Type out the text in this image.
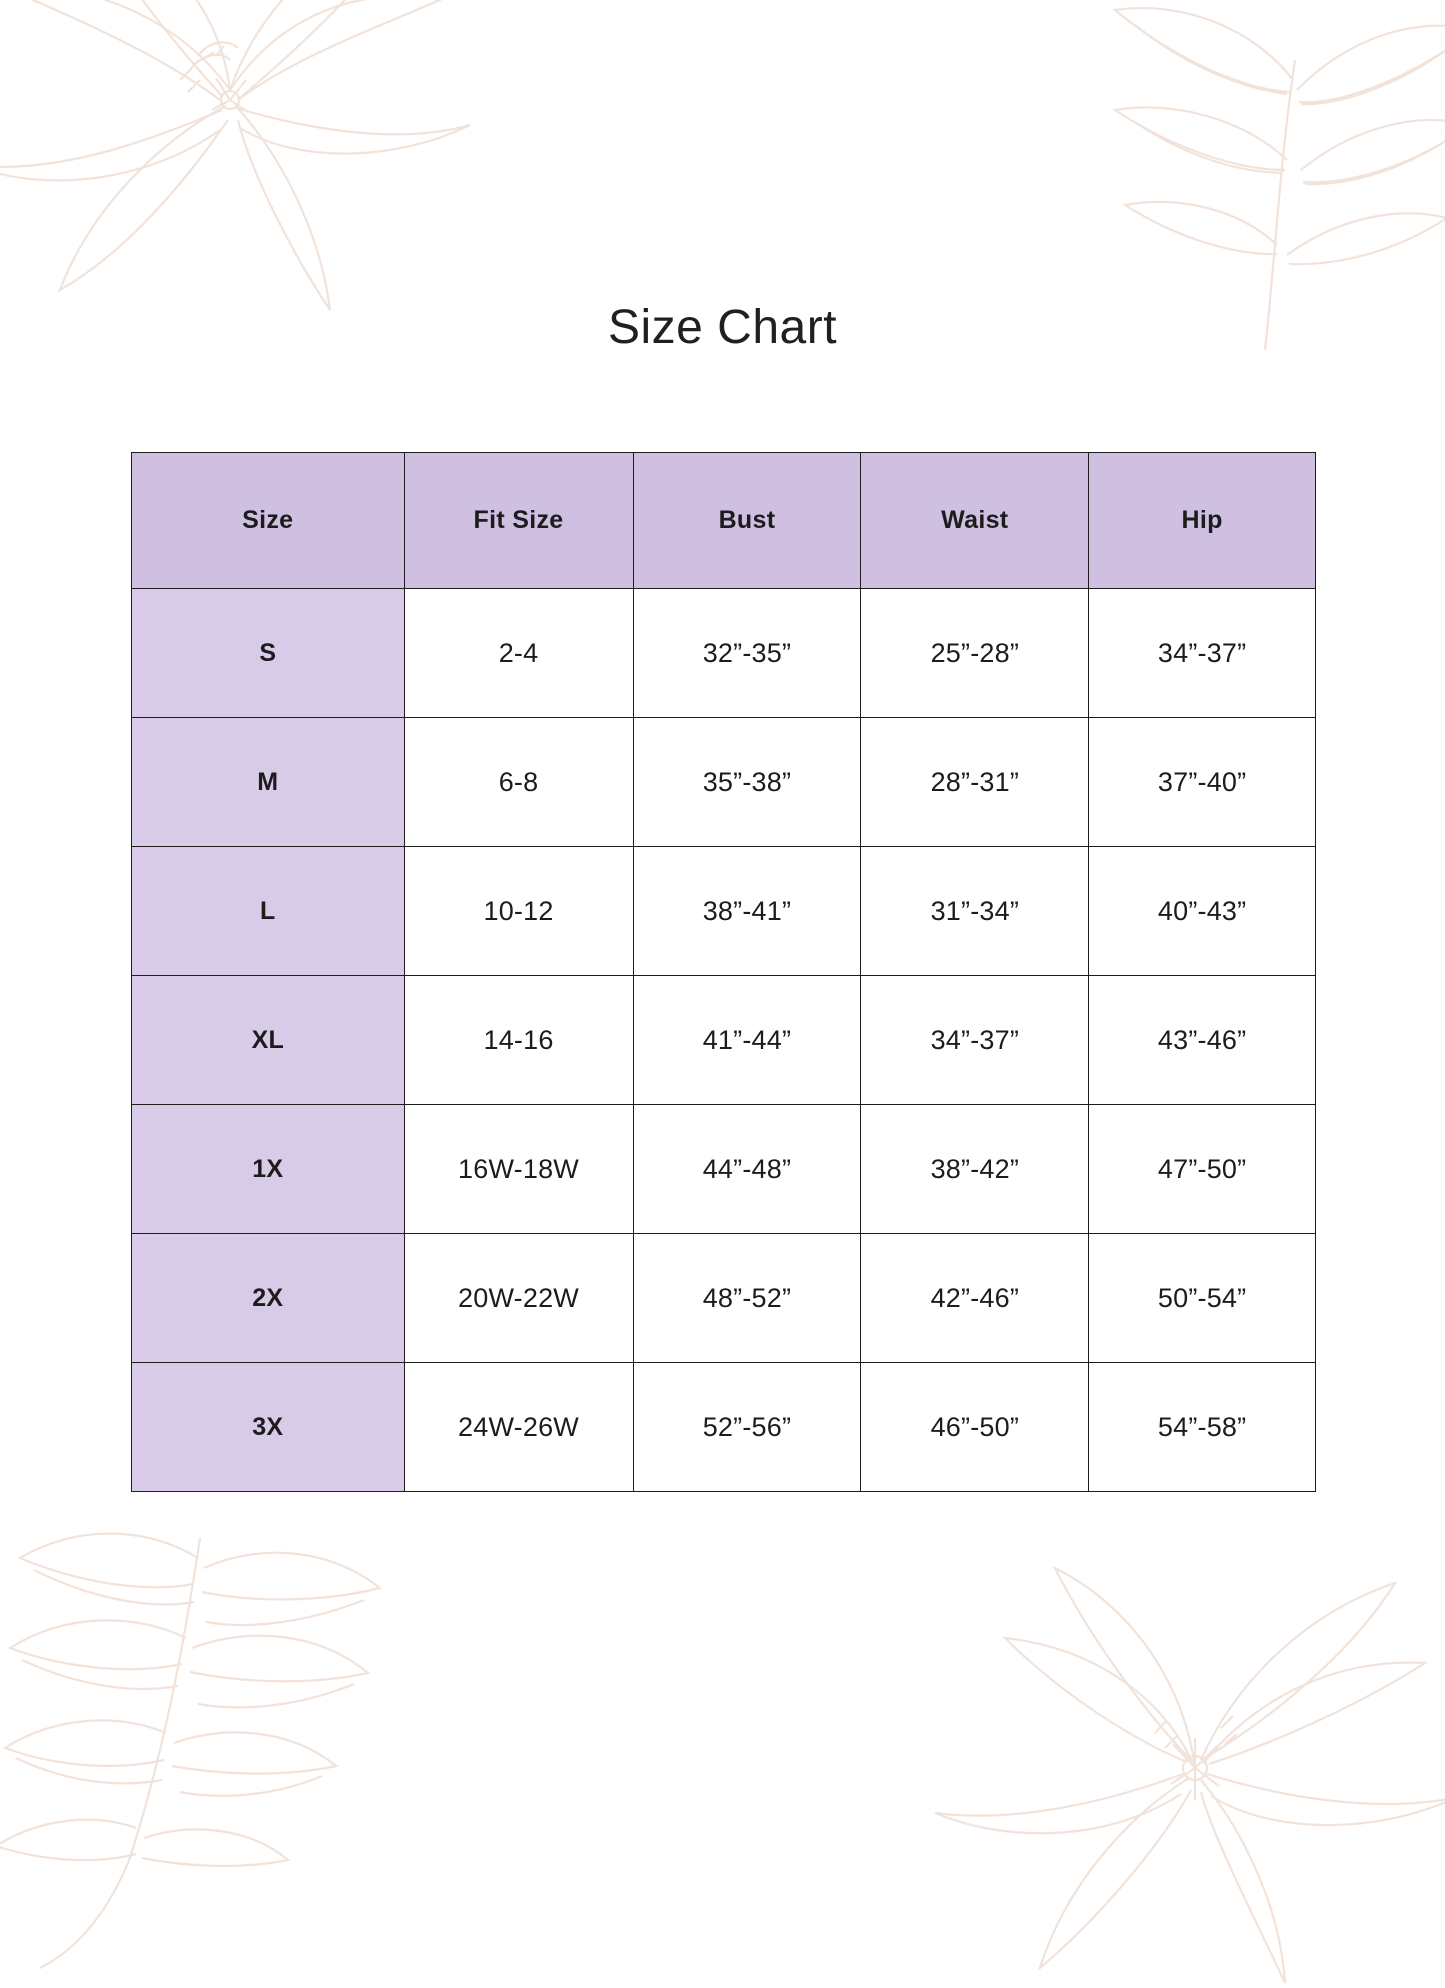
Size Chart
Size	Fit Size	Bust	Waist	Hip
S	2-4	32”-35”	25”-28”	34”-37”
M	6-8	35”-38”	28”-31”	37”-40”
L	10-12	38”-41”	31”-34”	40”-43”
XL	14-16	41”-44”	34”-37”	43”-46”
1X	16W-18W	44”-48”	38”-42”	47”-50”
2X	20W-22W	48”-52”	42”-46”	50”-54”
3X	24W-26W	52”-56”	46”-50”	54”-58”
